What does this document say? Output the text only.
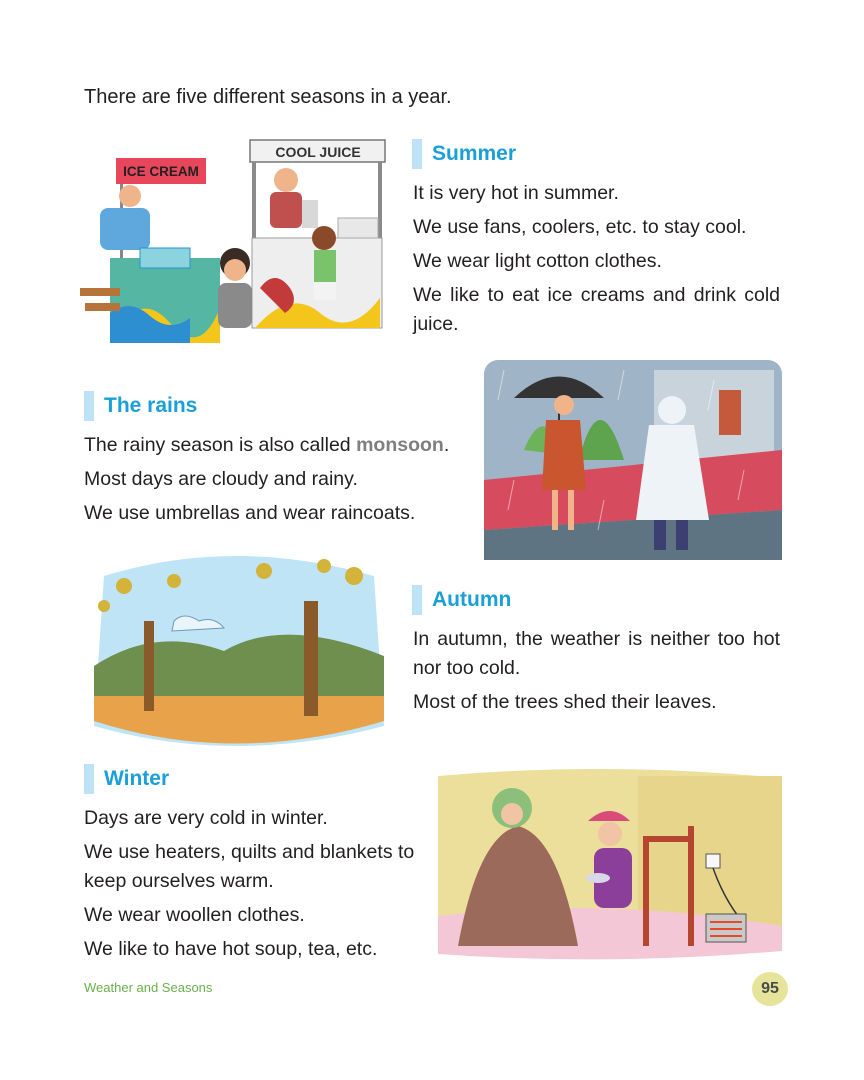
There are five different seasons in a year.
COOL JUICE
ICE CREAM
Summer

It is very hot in summer.

We use fans, coolers, etc. to stay cool.

We wear light cotton clothes.

We like to eat ice creams and drink cold juice.

The rains

The rainy season is also called monsoon.

Most days are cloudy and rainy.

We use umbrellas and wear raincoats.

Autumn

In autumn, the weather is neither too hot nor too cold.

Most of the trees shed their leaves.

Winter

Days are very cold in winter.

We use heaters, quilts and blankets to keep ourselves warm.

We wear woollen clothes.

We like to have hot soup, tea, etc.

Weather and Seasons	95
